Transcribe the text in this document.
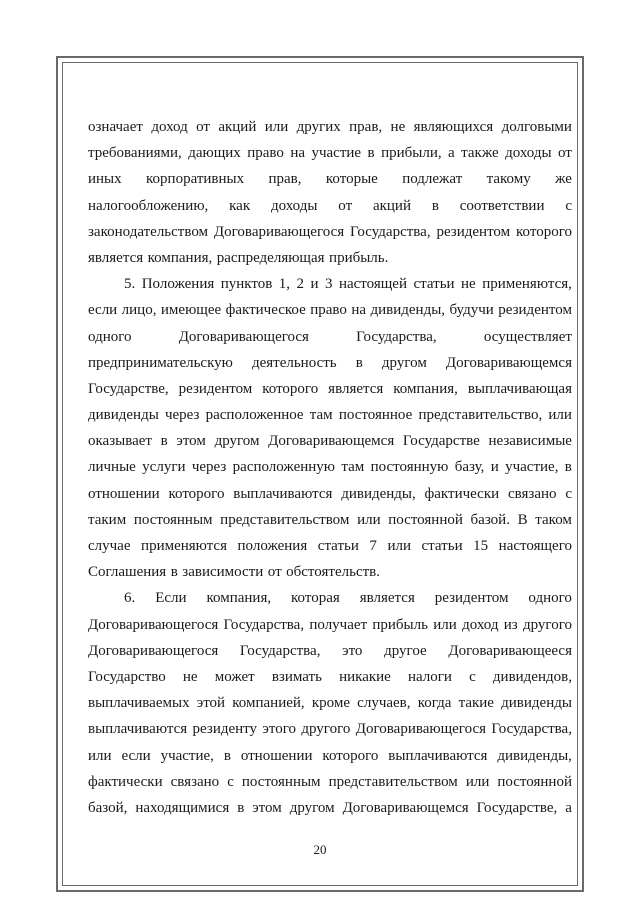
означает доход от акций или других прав, не являющихся долговыми
требованиями, дающих право на участие в прибыли, а также доходы от
иных корпоративных прав, которые подлежат такому же
налогообложению, как доходы от акций в соответствии с
законодательством Договаривающегося Государства, резидентом которого
является компания, распределяющая прибыль.
5. Положения пунктов 1, 2 и 3 настоящей статьи не применяются,
если лицо, имеющее фактическое право на дивиденды, будучи резидентом
одного	Договаривающегося	Государства,	осуществляет
предпринимательскую деятельность в другом Договаривающемся
Государстве, резидентом которого является компания, выплачивающая
дивиденды через расположенное там постоянное представительство, или
оказывает в этом другом Договаривающемся Государстве независимые
личные услуги через расположенную там постоянную базу, и участие, в
отношении которого выплачиваются дивиденды, фактически связано с
таким постоянным представительством или постоянной базой. В таком
случае применяются положения статьи 7 или статьи 15 настоящего
Соглашения в зависимости от обстоятельств.
6. Если компания, которая является резидентом одного
Договаривающегося Государства, получает прибыль или доход из другого
Договаривающегося Государства, это другое Договаривающееся
Государство не может взимать никакие налоги с дивидендов,
выплачиваемых этой компанией, кроме случаев, когда такие дивиденды
выплачиваются резиденту этого другого Договаривающегося Государства,
или если участие, в отношении которого выплачиваются дивиденды,
фактически связано с постоянным представительством или постоянной
базой, находящимися в этом другом Договаривающемся Государстве, а
20
